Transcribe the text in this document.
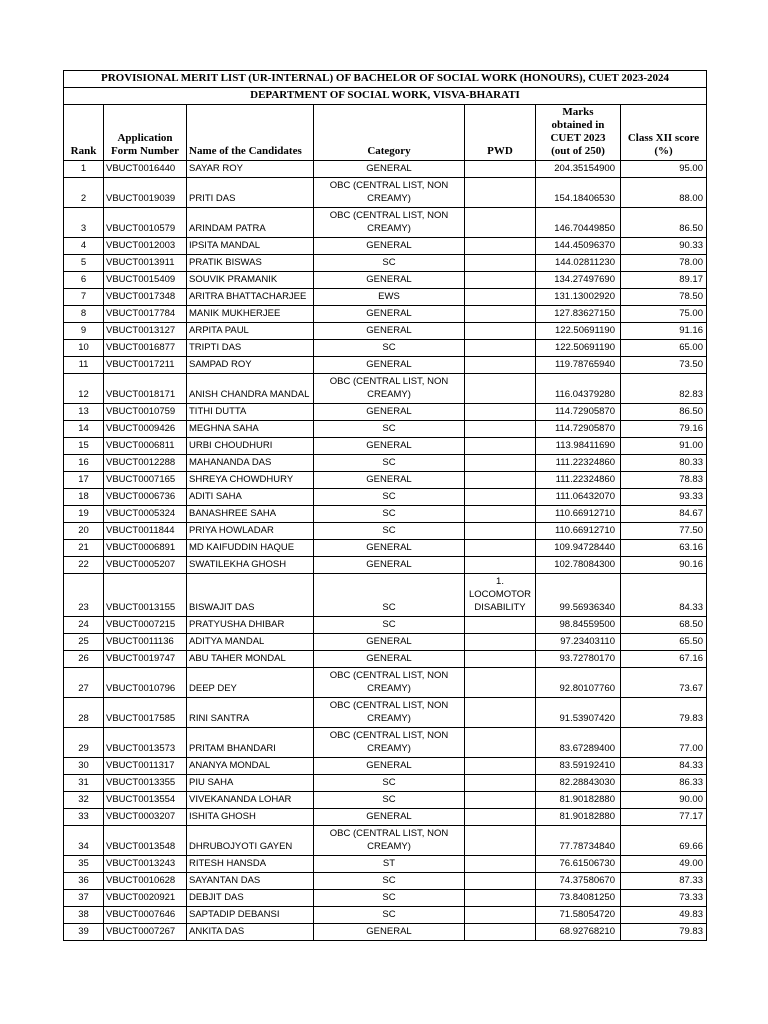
PROVISIONAL MERIT LIST (UR-INTERNAL) OF BACHELOR OF SOCIAL WORK (HONOURS), CUET 2023-2024						
DEPARTMENT OF SOCIAL WORK, VISVA-BHARATI						
Rank	Application Form Number	Name of the Candidates	Category	PWD	Marks obtained in CUET 2023 (out of 250)	Class XII score (%)
1	VBUCT0016440	SAYAR ROY	GENERAL		204.35154900	95.00
2	VBUCT0019039	PRITI DAS	OBC (CENTRAL LIST, NON CREAMY)		154.18406530	88.00
3	VBUCT0010579	ARINDAM PATRA	OBC (CENTRAL LIST, NON CREAMY)		146.70449850	86.50
4	VBUCT0012003	IPSITA MANDAL	GENERAL		144.45096370	90.33
5	VBUCT0013911	PRATIK BISWAS	SC		144.02811230	78.00
6	VBUCT0015409	SOUVIK PRAMANIK	GENERAL		134.27497690	89.17
7	VBUCT0017348	ARITRA BHATTACHARJEE	EWS		131.13002920	78.50
8	VBUCT0017784	MANIK MUKHERJEE	GENERAL		127.83627150	75.00
9	VBUCT0013127	ARPITA PAUL	GENERAL		122.50691190	91.16
10	VBUCT0016877	TRIPTI DAS	SC		122.50691190	65.00
11	VBUCT0017211	SAMPAD ROY	GENERAL		119.78765940	73.50
12	VBUCT0018171	ANISH CHANDRA MANDAL	OBC (CENTRAL LIST, NON CREAMY)		116.04379280	82.83
13	VBUCT0010759	TITHI DUTTA	GENERAL		114.72905870	86.50
14	VBUCT0009426	MEGHNA SAHA	SC		114.72905870	79.16
15	VBUCT0006811	URBI CHOUDHURI	GENERAL		113.98411690	91.00
16	VBUCT0012288	MAHANANDA DAS	SC		111.22324860	80.33
17	VBUCT0007165	SHREYA CHOWDHURY	GENERAL		111.22324860	78.83
18	VBUCT0006736	ADITI SAHA	SC		111.06432070	93.33
19	VBUCT0005324	BANASHREE SAHA	SC		110.66912710	84.67
20	VBUCT0011844	PRIYA HOWLADAR	SC		110.66912710	77.50
21	VBUCT0006891	MD KAIFUDDIN HAQUE	GENERAL		109.94728440	63.16
22	VBUCT0005207	SWATILEKHA GHOSH	GENERAL		102.78084300	90.16
23	VBUCT0013155	BISWAJIT DAS	SC	1. LOCOMOTOR DISABILITY	99.56936340	84.33
24	VBUCT0007215	PRATYUSHA DHIBAR	SC		98.84559500	68.50
25	VBUCT0011136	ADITYA MANDAL	GENERAL		97.23403110	65.50
26	VBUCT0019747	ABU TAHER MONDAL	GENERAL		93.72780170	67.16
27	VBUCT0010796	DEEP DEY	OBC (CENTRAL LIST, NON CREAMY)		92.80107760	73.67
28	VBUCT0017585	RINI SANTRA	OBC (CENTRAL LIST, NON CREAMY)		91.53907420	79.83
29	VBUCT0013573	PRITAM BHANDARI	OBC (CENTRAL LIST, NON CREAMY)		83.67289400	77.00
30	VBUCT0011317	ANANYA MONDAL	GENERAL		83.59192410	84.33
31	VBUCT0013355	PIU SAHA	SC		82.28843030	86.33
32	VBUCT0013554	VIVEKANANDA LOHAR	SC		81.90182880	90.00
33	VBUCT0003207	ISHITA GHOSH	GENERAL		81.90182880	77.17
34	VBUCT0013548	DHRUBOJYOTI GAYEN	OBC (CENTRAL LIST, NON CREAMY)		77.78734840	69.66
35	VBUCT0013243	RITESH HANSDA	ST		76.61506730	49.00
36	VBUCT0010628	SAYANTAN DAS	SC		74.37580670	87.33
37	VBUCT0020921	DEBJIT DAS	SC		73.84081250	73.33
38	VBUCT0007646	SAPTADIP DEBANSI	SC		71.58054720	49.83
39	VBUCT0007267	ANKITA DAS	GENERAL		68.92768210	79.83
